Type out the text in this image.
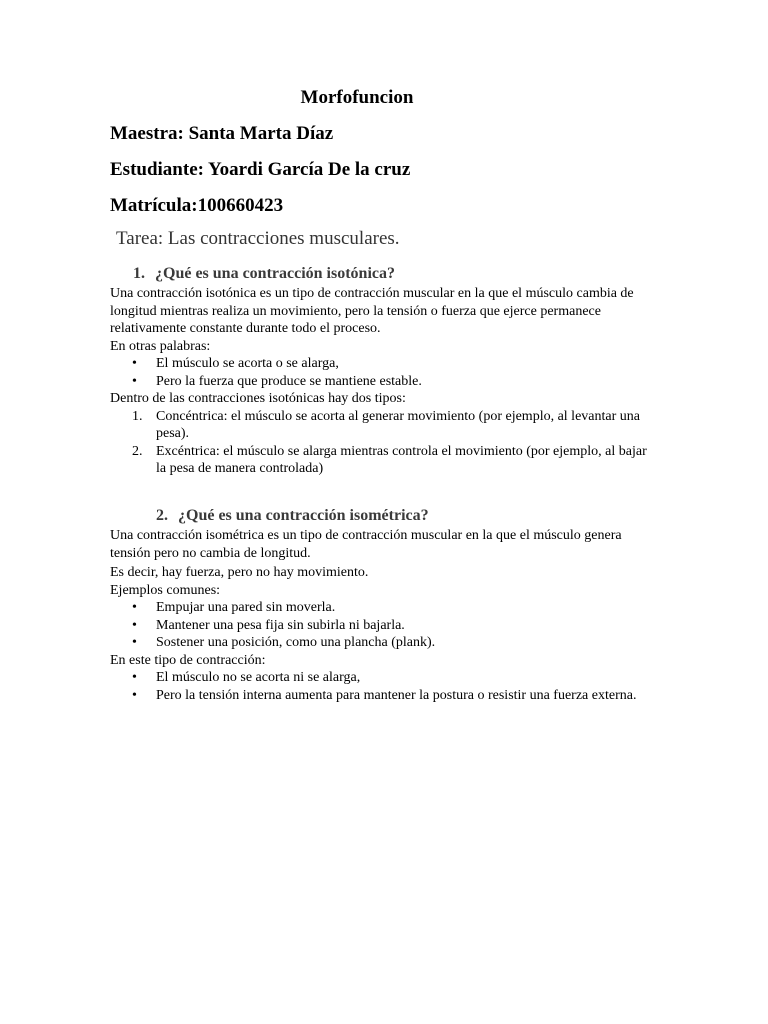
Morfofuncion

Maestra: Santa Marta Díaz

Estudiante: Yoardi García De la cruz

Matrícula:100660423

Tarea: Las contracciones musculares.

1. ¿Qué es una contracción isotónica?

Una contracción isotónica es un tipo de contracción muscular en la que el músculo cambia de longitud mientras realiza un movimiento, pero la tensión o fuerza que ejerce permanece relativamente constante durante todo el proceso.

En otras palabras:

•	El músculo se acorta o se alarga,
•	Pero la fuerza que produce se mantiene estable.

Dentro de las contracciones isotónicas hay dos tipos:

1. Concéntrica: el músculo se acorta al generar movimiento (por ejemplo, al levantar una pesa).
2. Excéntrica: el músculo se alarga mientras controla el movimiento (por ejemplo, al bajar la pesa de manera controlada)
2. ¿Qué es una contracción isométrica?

Una contracción isométrica es un tipo de contracción muscular en la que el músculo genera tensión pero no cambia de longitud.

Es decir, hay fuerza, pero no hay movimiento.

Ejemplos comunes:

•	Empujar una pared sin moverla.
•	Mantener una pesa fija sin subirla ni bajarla.
•	Sostener una posición, como una plancha (plank).

En este tipo de contracción:

•	El músculo no se acorta ni se alarga,
•	Pero la tensión interna aumenta para mantener la postura o resistir una fuerza externa.
